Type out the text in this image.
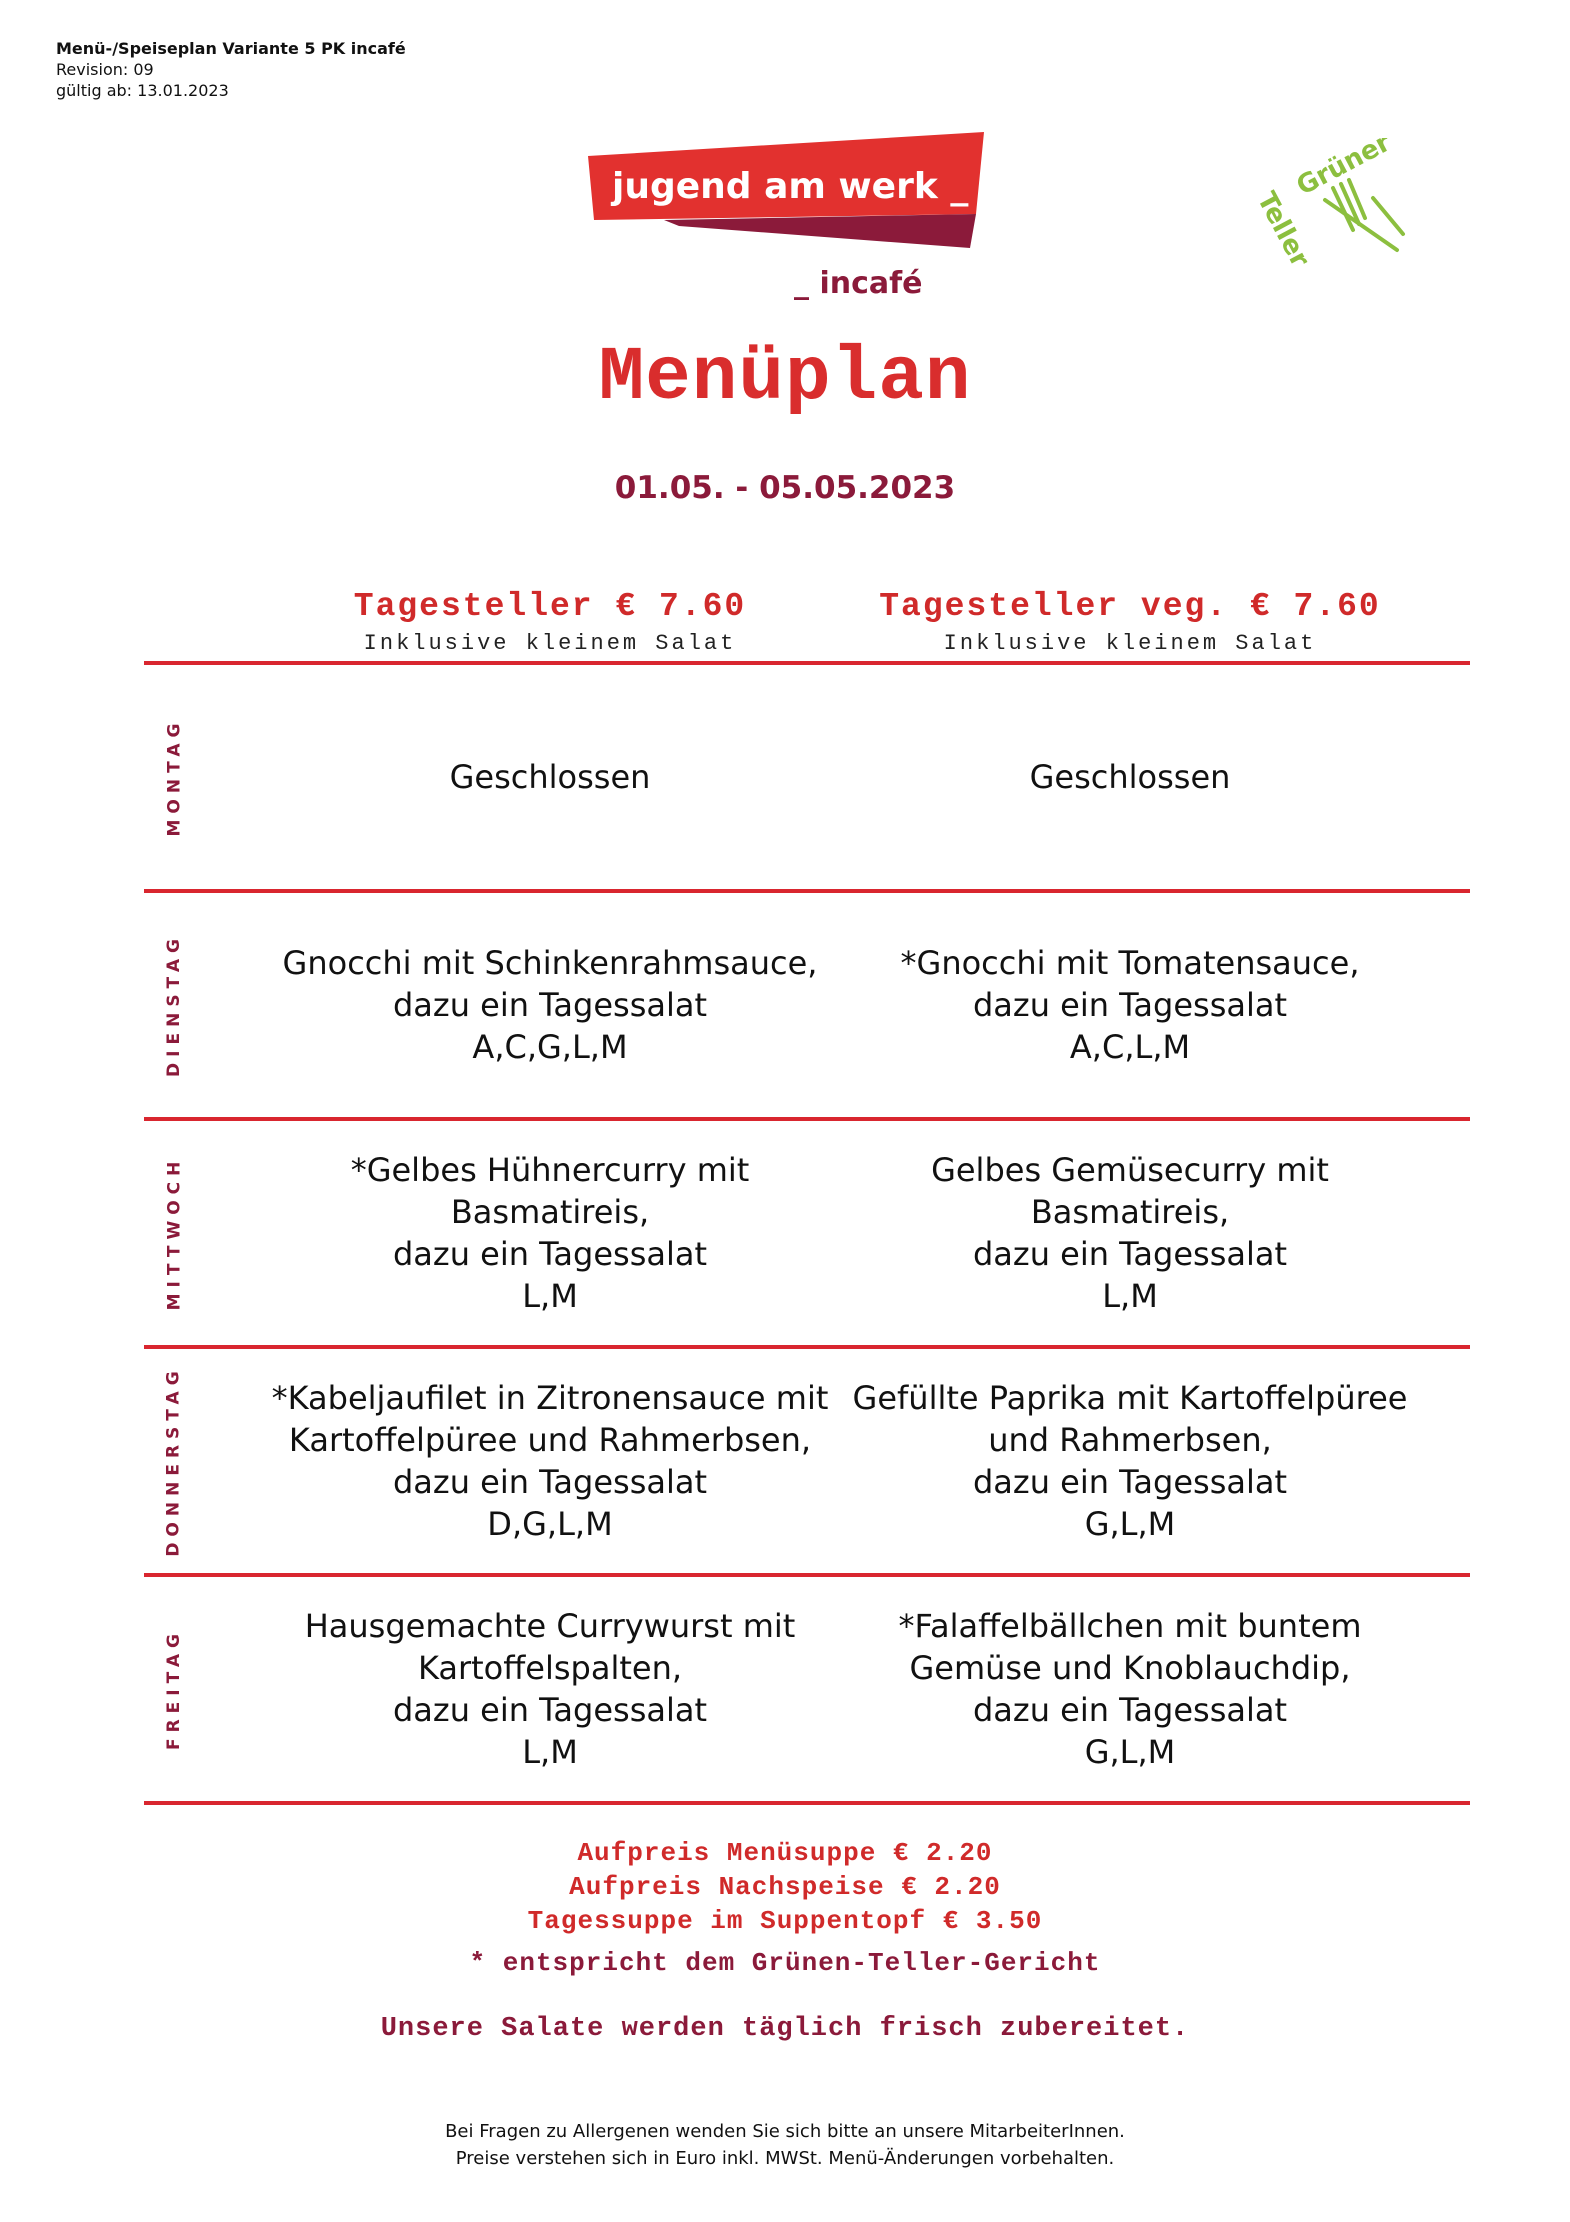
Menü-/Speiseplan Variante 5 PK incafé
Revision: 09
gültig ab: 13.01.2023
jugend am werk _
_ incafé
Grüner
Teller
Menüplan
01.05. - 05.05.2023
Tagesteller € 7.60
Inklusive kleinem Salat
Tagesteller veg. € 7.60
Inklusive kleinem Salat
MONTAG
DIENSTAG
MITTWOCH
DONNERSTAG
FREITAG
Geschlossen	Geschlossen
Gnocchi mit Schinkenrahmsauce,
dazu ein Tagessalat
A,C,G,L,M
*Gnocchi mit Tomatensauce,
dazu ein Tagessalat
A,C,L,M
*Gelbes Hühnercurry mit
Basmatireis,
dazu ein Tagessalat
L,M
Gelbes Gemüsecurry mit
Basmatireis,
dazu ein Tagessalat
L,M
*Kabeljaufilet in Zitronensauce mit
Kartoffelpüree und Rahmerbsen,
dazu ein Tagessalat
D,G,L,M
Gefüllte Paprika mit Kartoffelpüree
und Rahmerbsen,
dazu ein Tagessalat
G,L,M
Hausgemachte Currywurst mit
Kartoffelspalten,
dazu ein Tagessalat
L,M
*Falaffelbällchen mit buntem
Gemüse und Knoblauchdip,
dazu ein Tagessalat
G,L,M
Aufpreis Menüsuppe € 2.20
Aufpreis Nachspeise € 2.20
Tagessuppe im Suppentopf € 3.50
* entspricht dem Grünen-Teller-Gericht
Unsere Salate werden täglich frisch zubereitet.
Bei Fragen zu Allergenen wenden Sie sich bitte an unsere MitarbeiterInnen.
Preise verstehen sich in Euro inkl. MWSt. Menü-Änderungen vorbehalten.
